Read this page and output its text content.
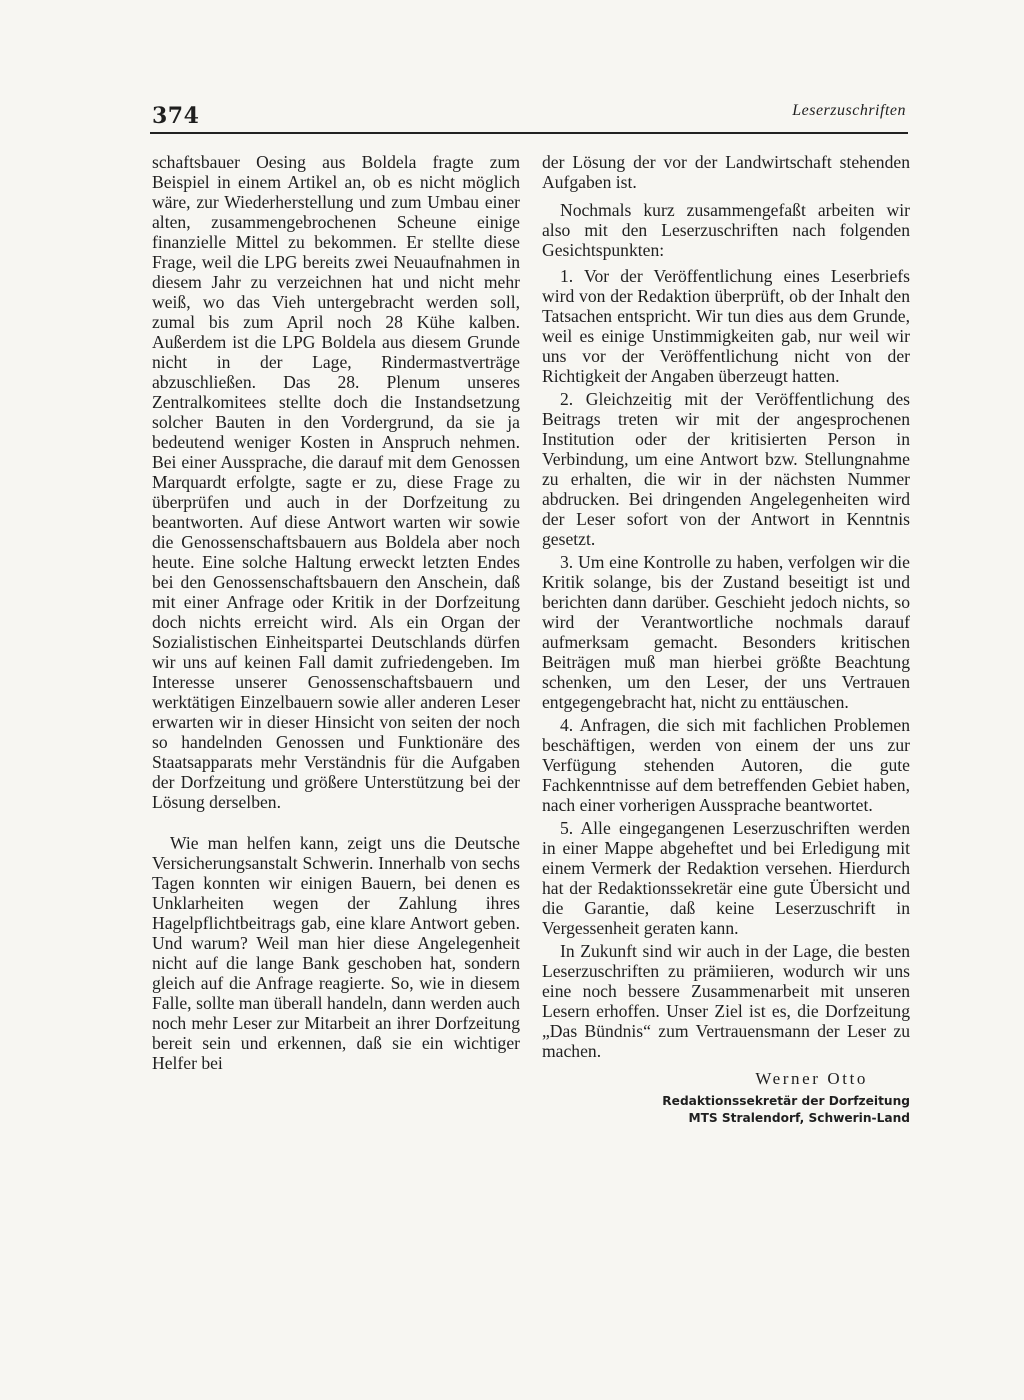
374	Leserzuschriften

schaftsbauer Oesing aus Boldela fragte zum Beispiel in einem Artikel an, ob es nicht möglich wäre, zur Wiederherstellung und zum Umbau einer alten, zusammengebrochenen Scheune einige finanzielle Mittel zu bekommen. Er stellte diese Frage, weil die LPG bereits zwei Neuaufnahmen in diesem Jahr zu verzeichnen hat und nicht mehr weiß, wo das Vieh untergebracht werden soll, zumal bis zum April noch 28 Kühe kalben. Außerdem ist die LPG Boldela aus diesem Grunde nicht in der Lage, Rindermastverträge abzuschließen. Das 28. Plenum unseres Zentralkomitees stellte doch die Instandsetzung solcher Bauten in den Vordergrund, da sie ja bedeutend weniger Kosten in Anspruch nehmen. Bei einer Aussprache, die darauf mit dem Genossen Marquardt erfolgte, sagte er zu, diese Frage zu überprüfen und auch in der Dorfzeitung zu beantworten. Auf diese Antwort warten wir sowie die Genossenschaftsbauern aus Boldela aber noch heute. Eine solche Haltung erweckt letzten Endes bei den Genossenschaftsbauern den Anschein, daß mit einer Anfrage oder Kritik in der Dorfzeitung doch nichts erreicht wird. Als ein Organ der Sozialistischen Einheitspartei Deutschlands dürfen wir uns auf keinen Fall damit zufriedengeben. Im Interesse unserer Genossenschaftsbauern und werktätigen Einzelbauern sowie aller anderen Leser erwarten wir in dieser Hinsicht von seiten der noch so handelnden Genossen und Funktionäre des Staatsapparats mehr Verständnis für die Aufgaben der Dorfzeitung und größere Unterstützung bei der Lösung derselben.

Wie man helfen kann, zeigt uns die Deutsche Versicherungsanstalt Schwerin. Innerhalb von sechs Tagen konnten wir einigen Bauern, bei denen es Unklarheiten wegen der Zahlung ihres Hagelpflichtbeitrags gab, eine klare Antwort geben. Und warum? Weil man hier diese Angelegenheit nicht auf die lange Bank geschoben hat, sondern gleich auf die Anfrage reagierte. So, wie in diesem Falle, sollte man überall handeln, dann werden auch noch mehr Leser zur Mitarbeit an ihrer Dorfzeitung bereit sein und erkennen, daß sie ein wichtiger Helfer bei

der Lösung der vor der Landwirtschaft stehenden Aufgaben ist.

Nochmals kurz zusammengefaßt arbeiten wir also mit den Leserzuschriften nach folgenden Gesichtspunkten:

1. Vor der Veröffentlichung eines Leserbriefs wird von der Redaktion überprüft, ob der Inhalt den Tatsachen entspricht. Wir tun dies aus dem Grunde, weil es einige Unstimmigkeiten gab, nur weil wir uns vor der Veröffentlichung nicht von der Richtigkeit der Angaben überzeugt hatten.

2. Gleichzeitig mit der Veröffentlichung des Beitrags treten wir mit der angesprochenen Institution oder der kritisierten Person in Verbindung, um eine Antwort bzw. Stellungnahme zu erhalten, die wir in der nächsten Nummer abdrucken. Bei dringenden Angelegenheiten wird der Leser sofort von der Antwort in Kenntnis gesetzt.

3. Um eine Kontrolle zu haben, verfolgen wir die Kritik solange, bis der Zustand beseitigt ist und berichten dann darüber. Geschieht jedoch nichts, so wird der Verantwortliche nochmals darauf aufmerksam gemacht. Besonders kritischen Beiträgen muß man hierbei größte Beachtung schenken, um den Leser, der uns Vertrauen entgegengebracht hat, nicht zu enttäuschen.

4. Anfragen, die sich mit fachlichen Problemen beschäftigen, werden von einem der uns zur Verfügung stehenden Autoren, die gute Fachkenntnisse auf dem betreffenden Gebiet haben, nach einer vorherigen Aussprache beantwortet.

5. Alle eingegangenen Leserzuschriften werden in einer Mappe abgeheftet und bei Erledigung mit einem Vermerk der Redaktion versehen. Hierdurch hat der Redaktionssekretär eine gute Übersicht und die Garantie, daß keine Leserzuschrift in Vergessenheit geraten kann.

In Zukunft sind wir auch in der Lage, die besten Leserzuschriften zu prämiieren, wodurch wir uns eine noch bessere Zusammenarbeit mit unseren Lesern erhoffen. Unser Ziel ist es, die Dorfzeitung „Das Bündnis“ zum Vertrauensmann der Leser zu machen.

Werner Otto
Redaktionssekretär der Dorfzeitung
MTS Stralendorf, Schwerin-Land
